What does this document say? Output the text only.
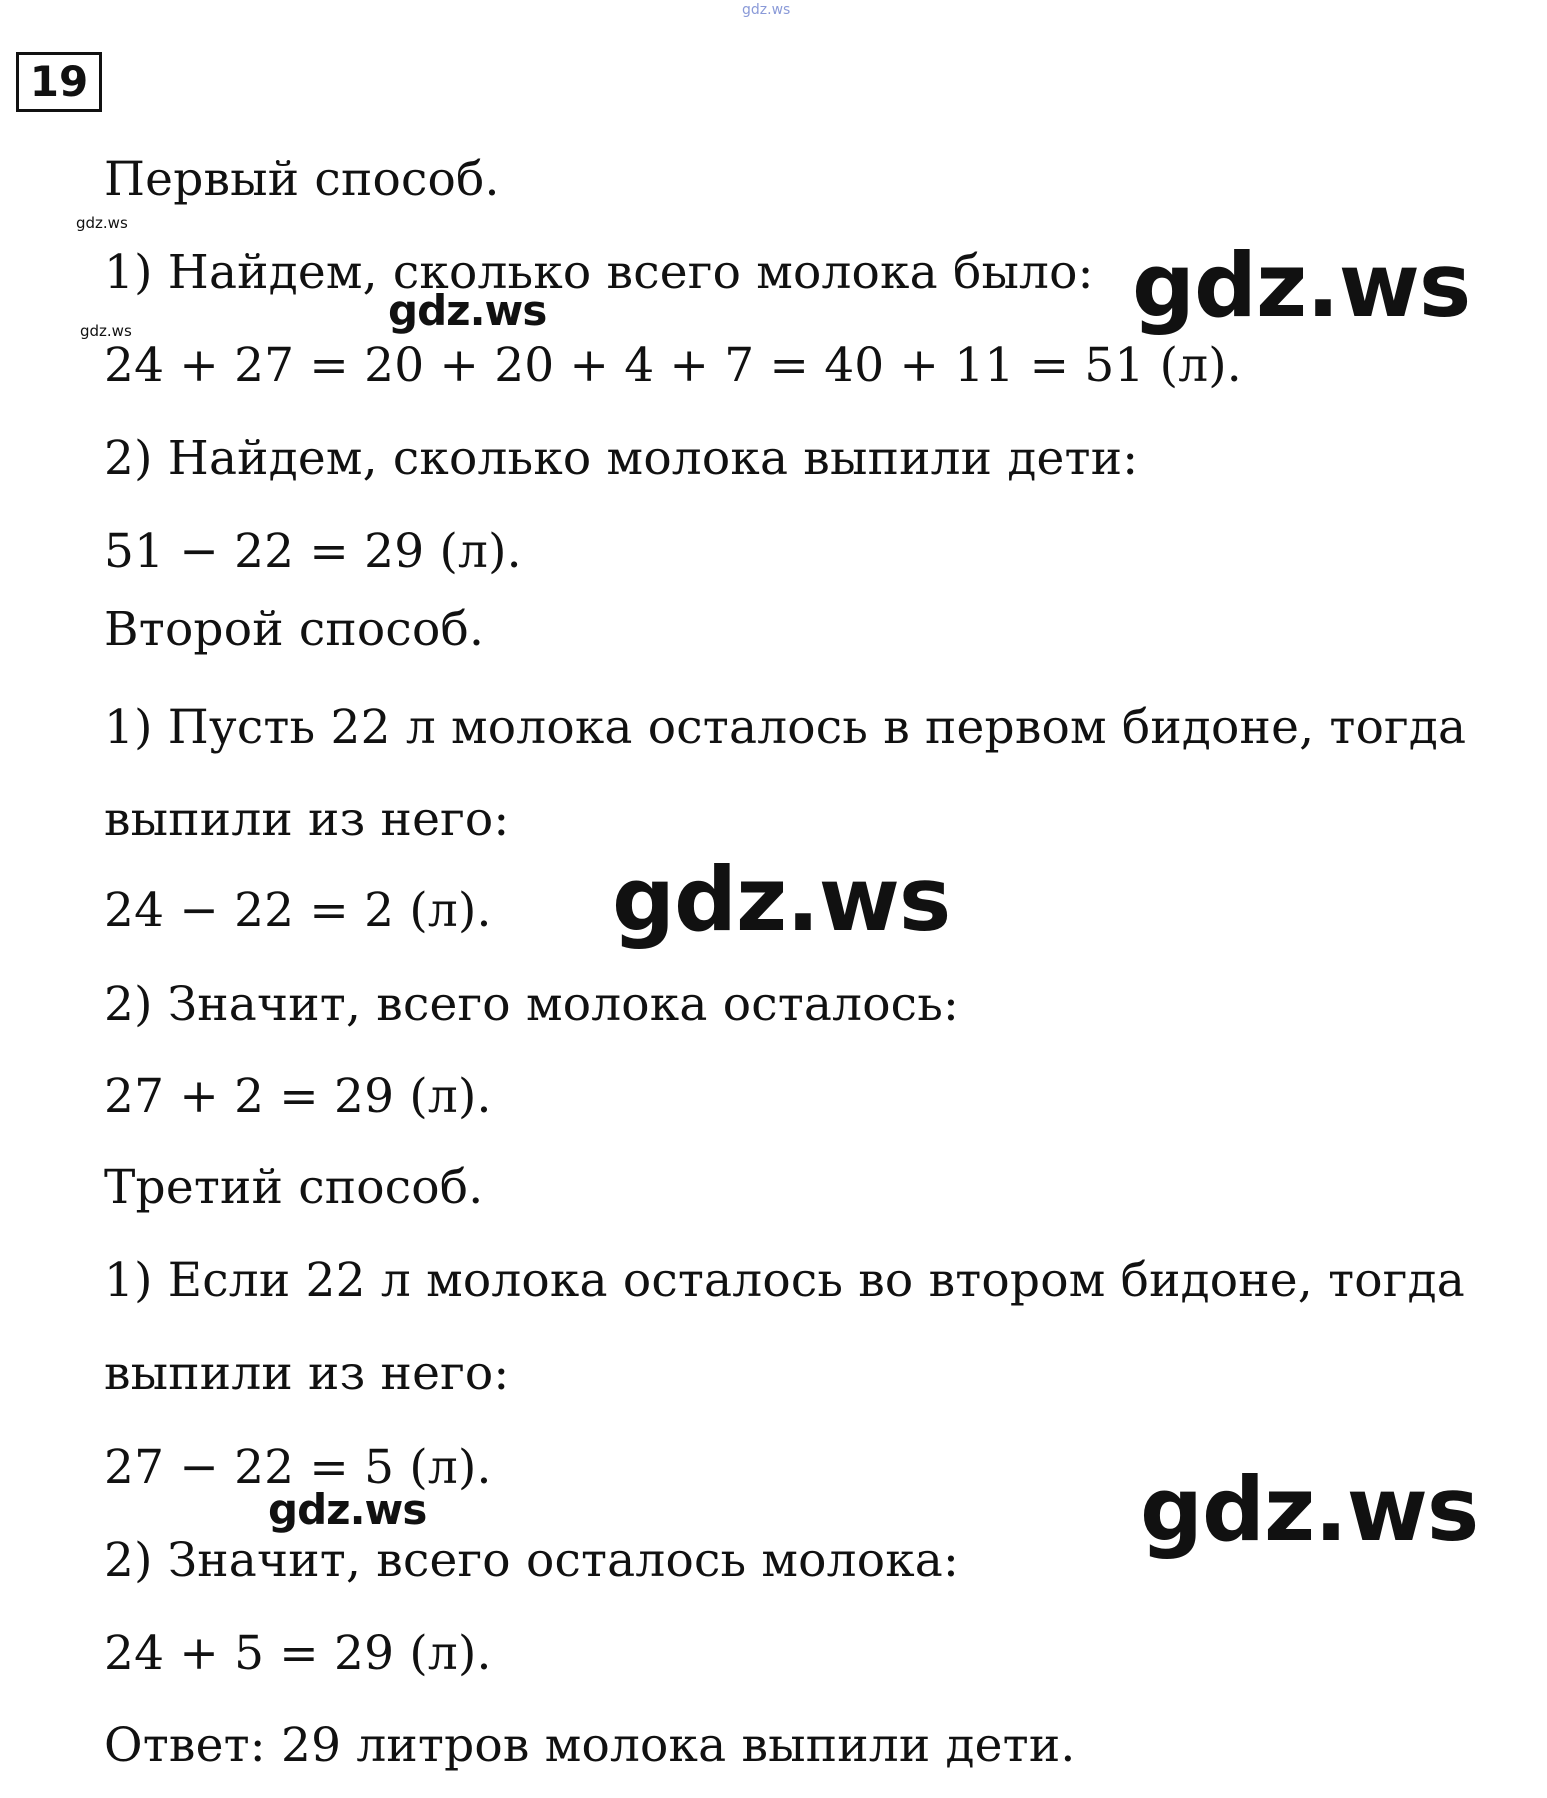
19
Первый способ.
1) Найдем, сколько всего молока было:
24 + 27 = 20 + 20 + 4 + 7 = 40 + 11 = 51 (л).
2) Найдем, сколько молока выпили дети:
51 − 22 = 29 (л).
Второй способ.
1) Пусть 22 л молока осталось в первом бидоне, тогда
выпили из него:
24 − 22 = 2 (л).
2) Значит, всего молока осталось:
27 + 2 = 29 (л).
Третий способ.
1) Если 22 л молока осталось во втором бидоне, тогда
выпили из него:
27 − 22 = 5 (л).
2) Значит, всего осталось молока:
24 + 5 = 29 (л).
Ответ: 29 литров молока выпили дети.
gdz.ws
gdz.ws
gdz.ws	gdz.ws	gdz.ws
gdz.ws
gdz.ws	gdz.ws
